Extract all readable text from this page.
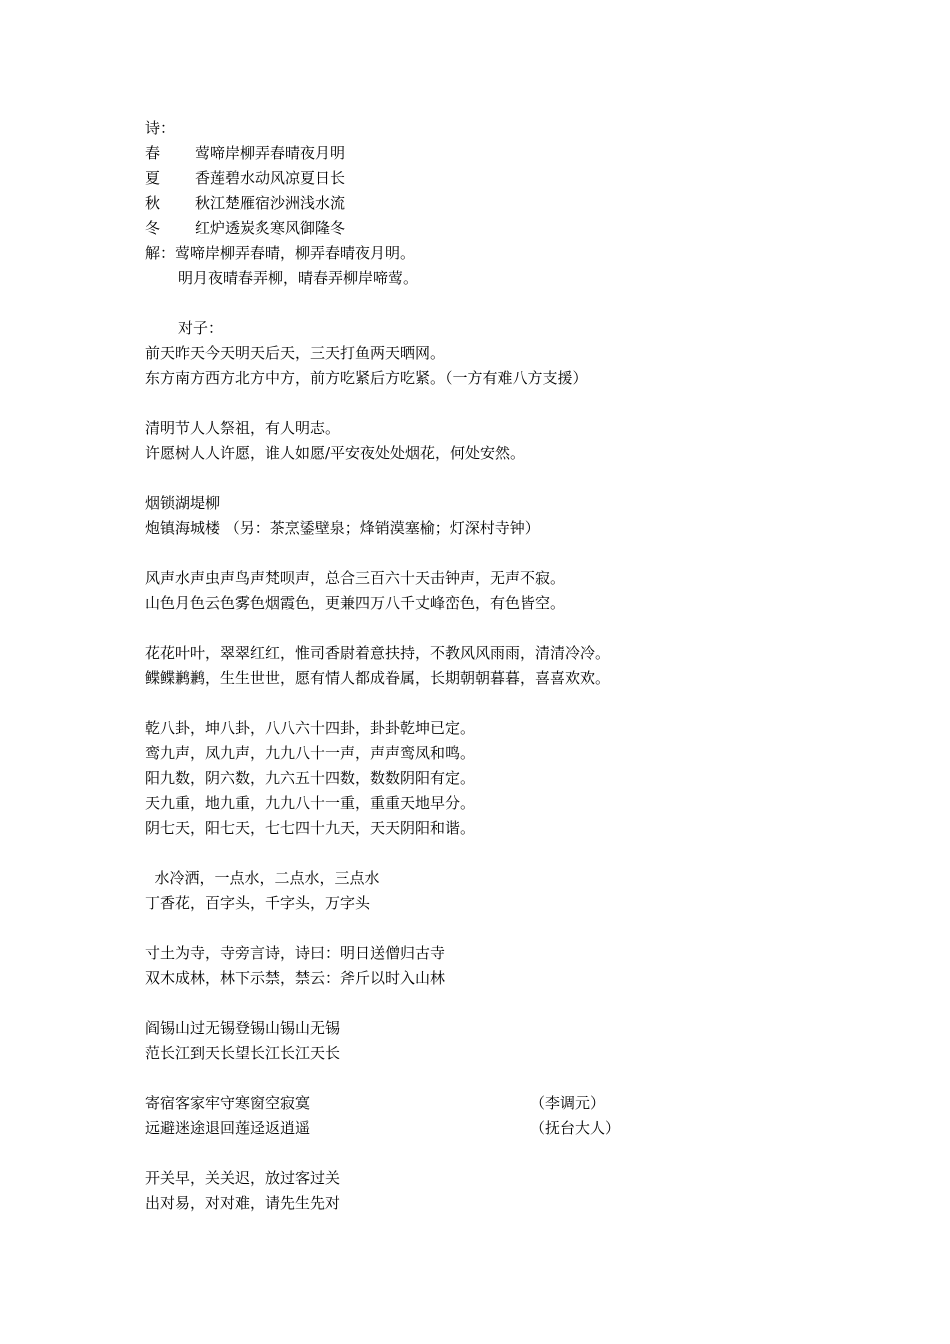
诗：
春 莺啼岸柳弄春晴夜月明
夏 香莲碧水动风凉夏日长
秋 秋江楚雁宿沙洲浅水流
冬 红炉透炭炙寒风御隆冬
解：莺啼岸柳弄春晴，柳弄春晴夜月明。
明月夜晴春弄柳，晴春弄柳岸啼莺。
对子：
前天昨天今天明天后天，三天打鱼两天晒网。
东方南方西方北方中方，前方吃紧后方吃紧。（一方有难八方支援）
清明节人人祭祖，有人明志。
许愿树人人许愿，谁人如愿/平安夜处处烟花，何处安然。
烟锁湖堤柳
炮镇海城楼 （另：茶烹鋈壁泉；烽销漠塞榆；灯深村寺钟）
风声水声虫声鸟声梵呗声，总合三百六十天击钟声，无声不寂。
山色月色云色雾色烟霞色，更兼四万八千丈峰峦色，有色皆空。
花花叶叶，翠翠红红，惟司香尉着意扶持，不教风风雨雨，清清冷冷。
鲽鲽鹣鹣，生生世世，愿有情人都成眷属，长期朝朝暮暮，喜喜欢欢。
乾八卦，坤八卦，八八六十四卦，卦卦乾坤已定。
鸾九声，凤九声，九九八十一声，声声鸾凤和鸣。
阳九数，阴六数，九六五十四数，数数阴阳有定。
天九重，地九重，九九八十一重，重重天地早分。
阴七天，阳七天，七七四十九天，天天阴阳和谐。
水冷洒，一点水，二点水，三点水
丁香花，百字头，千字头，万字头
寸土为寺，寺旁言诗，诗曰：明日送僧归古寺
双木成林，林下示禁，禁云：斧斤以时入山林
阎锡山过无锡登锡山锡山无锡
范长江到天长望长江长江天长
寄宿客家牢守寒窗空寂寞	（李调元）
远避迷途退回莲迳返逍遥	（抚台大人）
开关早，关关迟，放过客过关
出对易，对对难，请先生先对
